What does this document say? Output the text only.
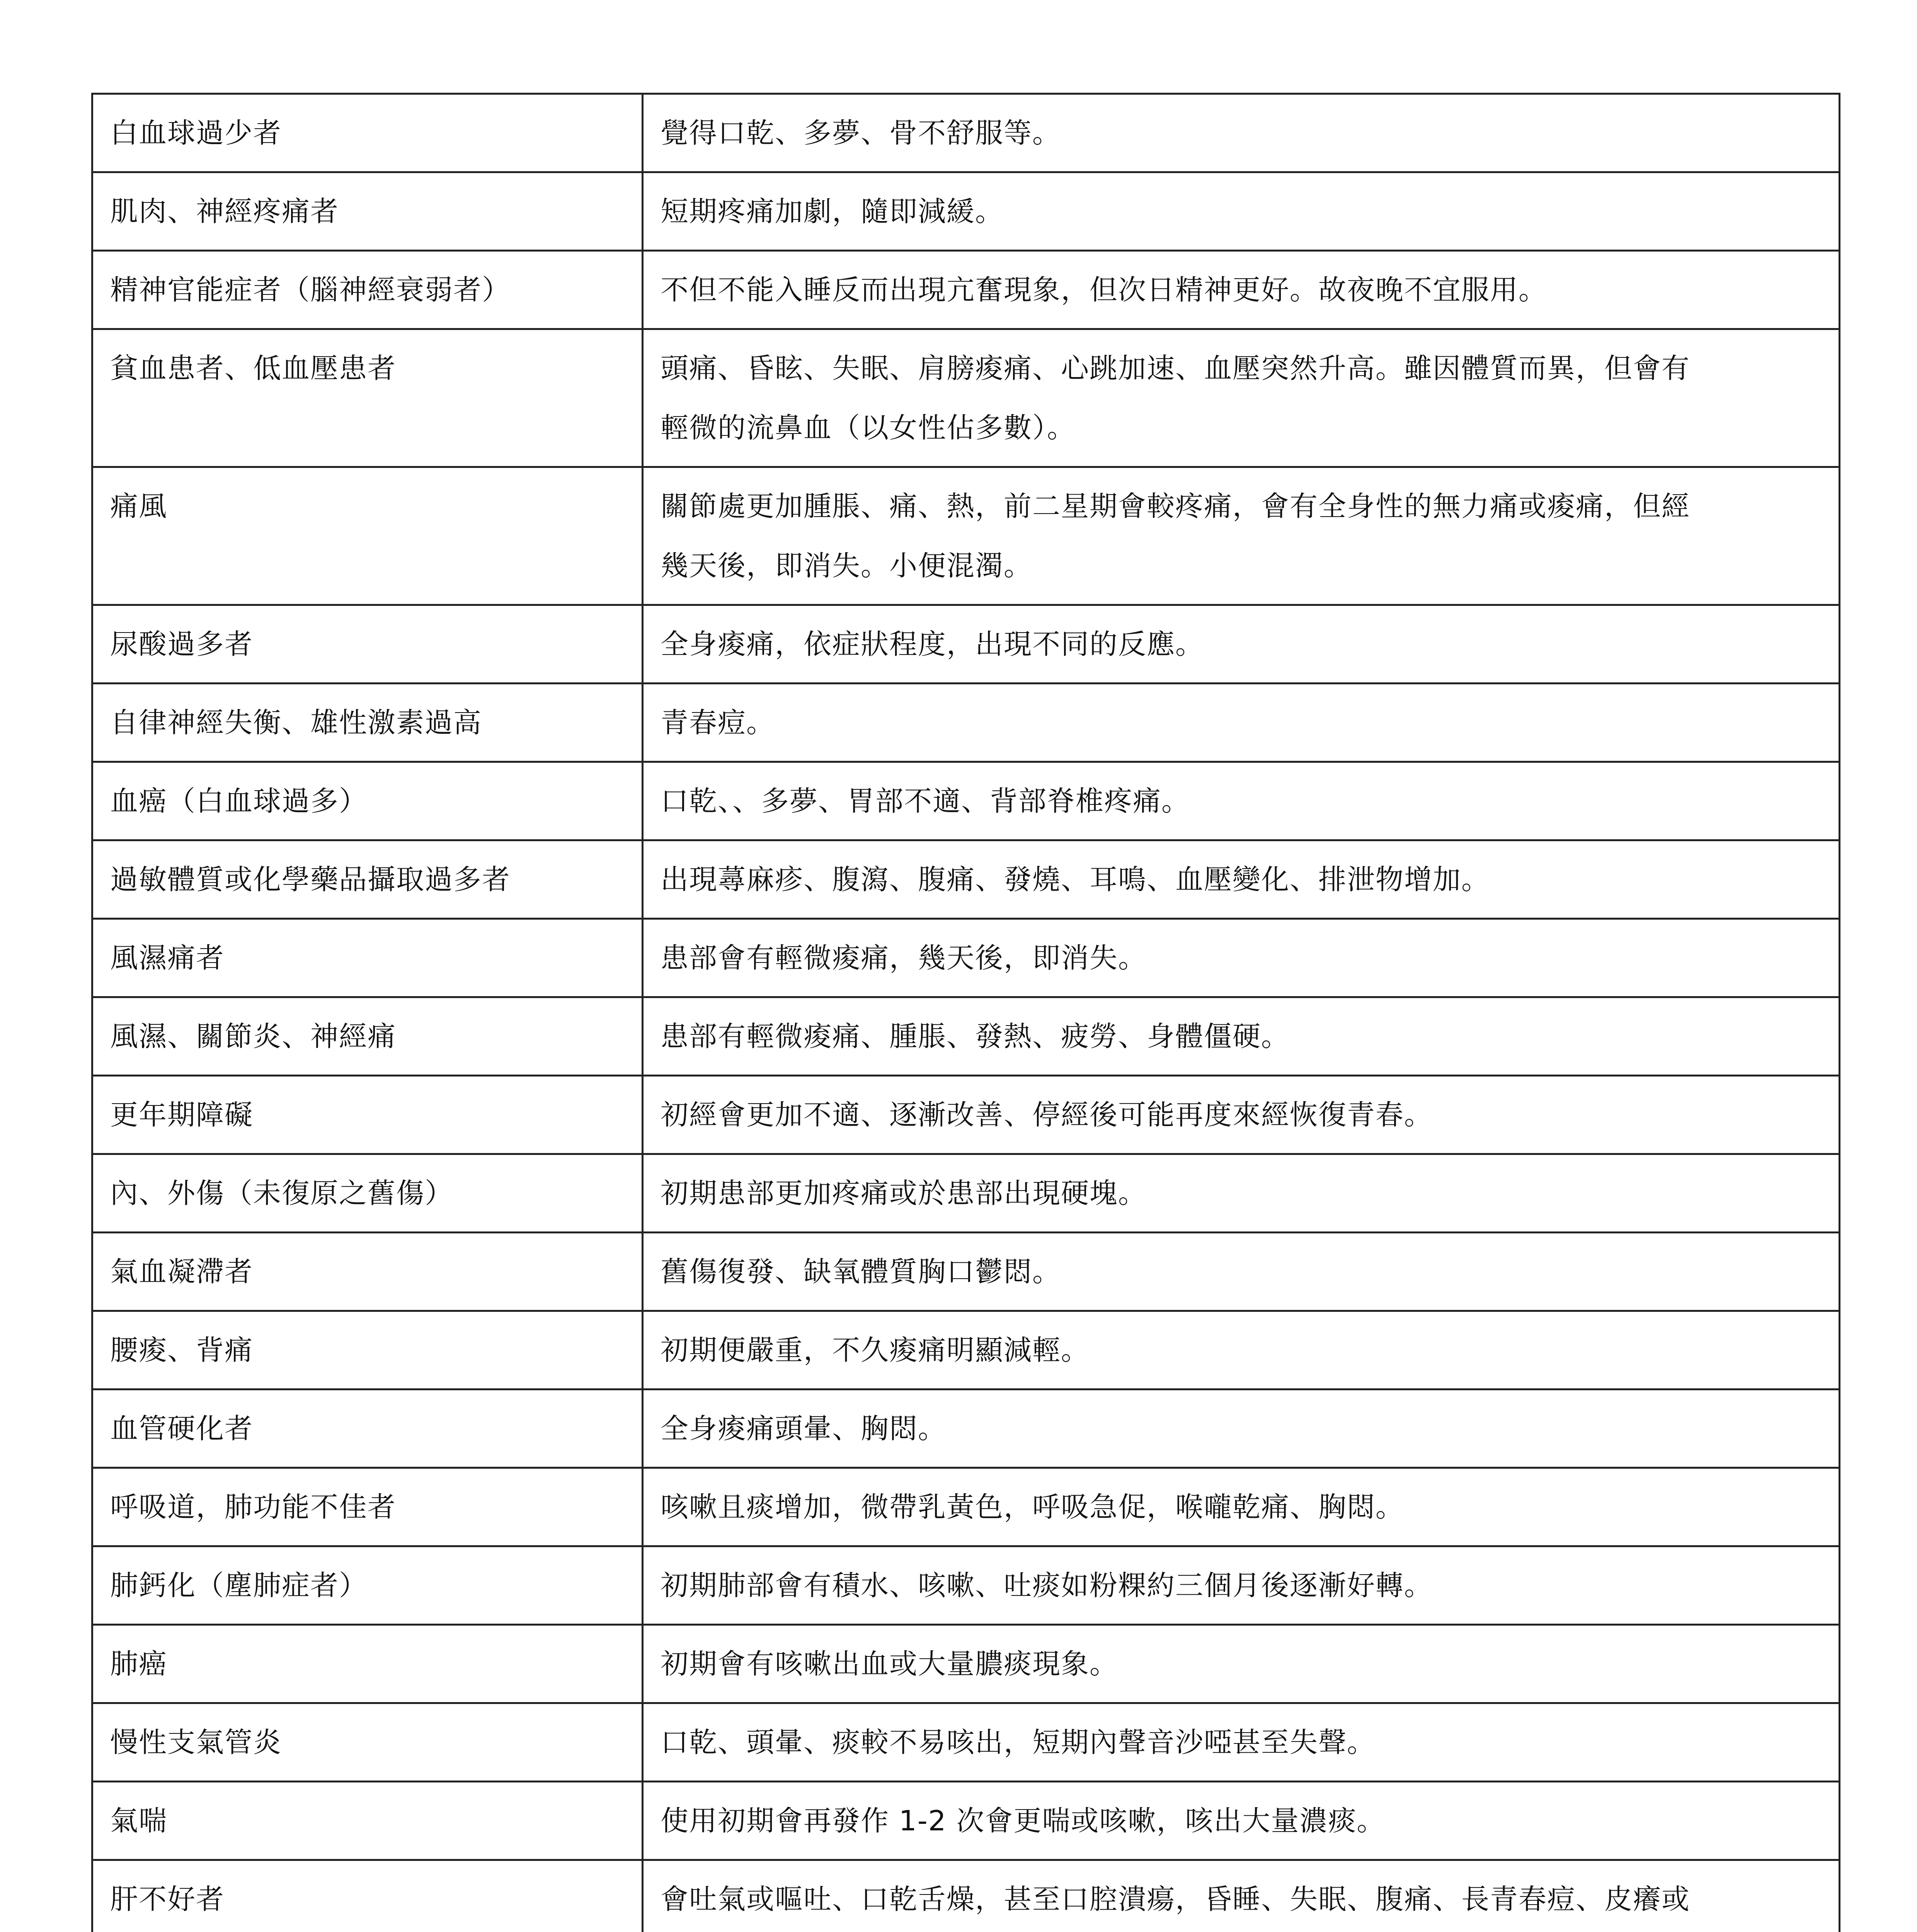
白血球過少者	覺得口乾、多夢、骨不舒服等。

肌肉、神經疼痛者	短期疼痛加劇，隨即減緩。

精神官能症者（腦神經衰弱者）	不但不能入睡反而出現亢奮現象，但次日精神更好。故夜晚不宜服用。

貧血患者、低血壓患者	頭痛、昏眩、失眠、肩膀痠痛、心跳加速、血壓突然升高。雖因體質而異，但會有
輕微的流鼻血（以女性佔多數）。

痛風	關節處更加腫脹、痛、熱，前二星期會較疼痛，會有全身性的無力痛或痠痛，但經
幾天後，即消失。小便混濁。

尿酸過多者	全身痠痛，依症狀程度，出現不同的反應。

自律神經失衡、雄性激素過高	青春痘。

血癌（白血球過多）	口乾、、多夢、胃部不適、背部脊椎疼痛。

過敏體質或化學藥品攝取過多者	出現蕁麻疹、腹瀉、腹痛、發燒、耳鳴、血壓變化、排泄物增加。

風濕痛者	患部會有輕微痠痛，幾天後，即消失。

風濕、關節炎、神經痛	患部有輕微痠痛、腫脹、發熱、疲勞、身體僵硬。

更年期障礙	初經會更加不適、逐漸改善、停經後可能再度來經恢復青春。

內、外傷（未復原之舊傷）	初期患部更加疼痛或於患部出現硬塊。

氣血凝滯者	舊傷復發、缺氧體質胸口鬱悶。

腰痠、背痛	初期便嚴重，不久痠痛明顯減輕。

血管硬化者	全身痠痛頭暈、胸悶。

呼吸道，肺功能不佳者	咳嗽且痰增加，微帶乳黃色，呼吸急促，喉嚨乾痛、胸悶。

肺鈣化（塵肺症者）	初期肺部會有積水、咳嗽、吐痰如粉粿約三個月後逐漸好轉。

肺癌	初期會有咳嗽出血或大量膿痰現象。

慢性支氣管炎	口乾、頭暈、痰較不易咳出，短期內聲音沙啞甚至失聲。

氣喘	使用初期會再發作 1-2 次會更喘或咳嗽，咳出大量濃痰。

肝不好者	會吐氣或嘔吐、口乾舌燥，甚至口腔潰瘍，昏睡、失眠、腹痛、長青春痘、皮癢或
